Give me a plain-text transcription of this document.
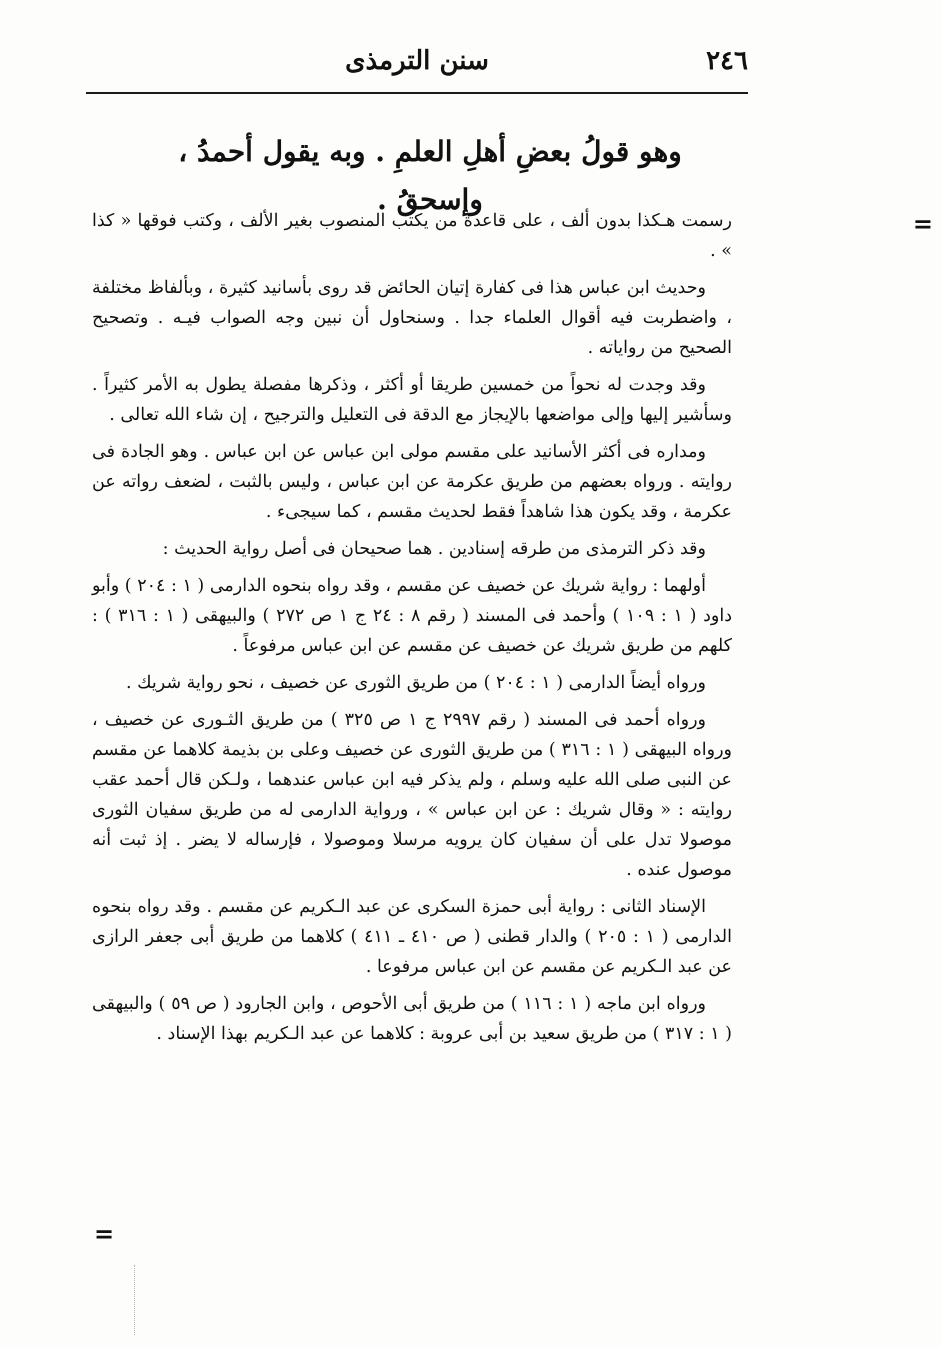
٢٤٦
سنن الترمذى
وهو قولُ بعضِ أهلِ العلمِ . وبه يقول أحمدُ ، وإسحقُ .
=

رسمت هـكذا بدون ألف ، على قاعدة من يكتب المنصوب بغير الألف ، وكتب فوقها « كذا » .

وحديث ابن عباس هذا فى كفارة إتيان الحائض قد روى بأسانيد كثيرة ، وبألفاظ مختلفة ، واضطربت فيه أقوال العلماء جدا . وسنحاول أن نبين وجه الصواب فيـه . وتصحيح الصحيح من رواياته .

وقد وجدت له نحواً من خمسين طريقا أو أكثر ، وذكرها مفصلة يطول به الأمر كثيراً . وسأشير إليها وإلى مواضعها بالإيجاز مع الدقة فى التعليل والترجيح ، إن شاء الله تعالى .

ومداره فى أكثر الأسانيد على مقسم مولى ابن عباس عن ابن عباس . وهو الجادة فى روايته . ورواه بعضهم من طريق عكرمة عن ابن عباس ، وليس بالثبت ، لضعف رواته عن عكرمة ، وقد يكون هذا شاهداً فقط لحديث مقسم ، كما سيجىء .

وقد ذكر الترمذى من طرقه إسنادين . هما صحيحان فى أصل رواية الحديث :

أولهما : رواية شريك عن خصيف عن مقسم ، وقد رواه بنحوه الدارمى ( ١ : ٢٠٤ ) وأبو داود ( ١ : ١٠٩ ) وأحمد فى المسند ( رقم ٨ : ٢٤ ج ١ ص ٢٧٢ ) والبيهقى ( ١ : ٣١٦ ) : كلهم من طريق شريك عن خصيف عن مقسم عن ابن عباس مرفوعاً .

ورواه أيضاً الدارمى ( ١ : ٢٠٤ ) من طريق الثورى عن خصيف ، نحو رواية شريك .

ورواه أحمد فى المسند ( رقم ٢٩٩٧ ج ١ ص ٣٢٥ ) من طريق الثـورى عن خصيف ، ورواه البيهقى ( ١ : ٣١٦ ) من طريق الثورى عن خصيف وعلى بن بذيمة كلاهما عن مقسم عن النبى صلى الله عليه وسلم ، ولم يذكر فيه ابن عباس عندهما ، ولـكن قال أحمد عقب روايته : « وقال شريك : عن ابن عباس » ، ورواية الدارمى له من طريق سفيان الثورى موصولا تدل على أن سفيان كان يرويه مرسلا وموصولا ، فإرساله لا يضر . إذ ثبت أنه موصول عنده .

الإسناد الثانى : رواية أبى حمزة السكرى عن عبد الـكريم عن مقسم . وقد رواه بنحوه الدارمى ( ١ : ٢٠٥ ) والدار قطنى ( ص ٤١٠ ـ ٤١١ ) كلاهما من طريق أبى جعفر الرازى عن عبد الـكريم عن مقسم عن ابن عباس مرفوعا .

ورواه ابن ماجه ( ١ : ١١٦ ) من طريق أبى الأحوص ، وابن الجارود ( ص ٥٩ ) والبيهقى ( ١ : ٣١٧ ) من طريق سعيد بن أبى عروبة : كلاهما عن عبد الـكريم بهذا الإسناد .

=
